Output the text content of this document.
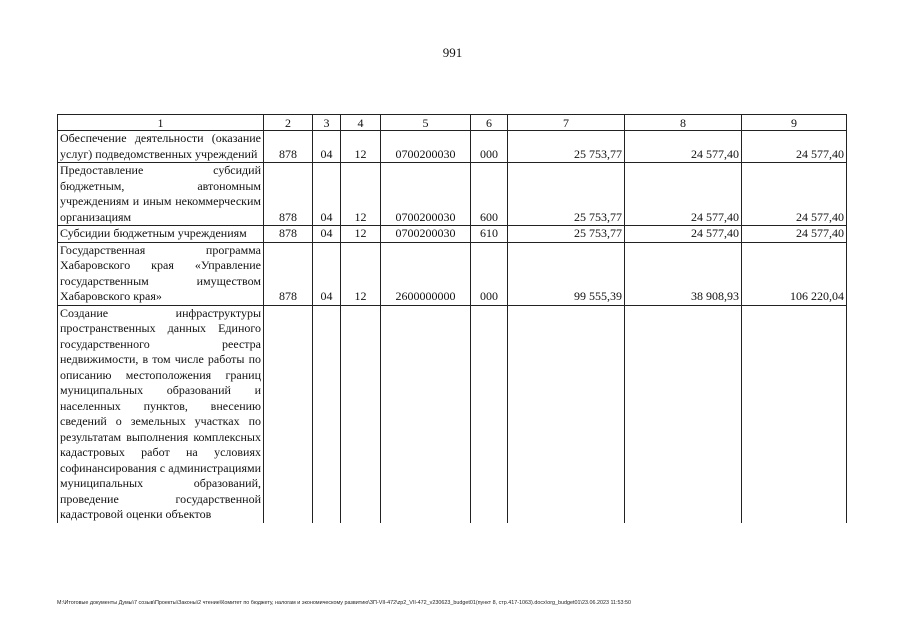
991
1	2	3	4	5	6	7	8	9
Обеспечение деятельности (оказание услуг) подведомственных учреждений	878	04	12	0700200030	000	25 753,77	24 577,40	24 577,40
Предоставление субсидий бюджетным, автономным учреждениям и иным некоммерческим организациям	878	04	12	0700200030	600	25 753,77	24 577,40	24 577,40
Субсидии бюджетным учреждениям	878	04	12	0700200030	610	25 753,77	24 577,40	24 577,40
Государственная программа Хабаровского края «Управление государственным имуществом Хабаровского края»	878	04	12	2600000000	000	99 555,39	38 908,93	106 220,04
Создание инфраструктуры пространственных данных Единого государственного реестра недвижимости, в том числе работы по описанию местоположения границ муниципальных образований и населенных пунктов, внесению сведений о земельных участках по результатам выполнения комплексных кадастровых работ на условиях софинансирования с администрациями муниципальных образований, проведение государственной кадастровой оценки объектов								
M:\Итоговые документы Думы\7 созыв\Проекты\Законы\2 чтение\Комитет по бюджету, налогам и экономическому развитию\ЗП-VII-472\zp2_VII-472_v230623_budget01(пункт 8, стр.417-1063).docx\org_budget01\23.06.2023 11:53:50
